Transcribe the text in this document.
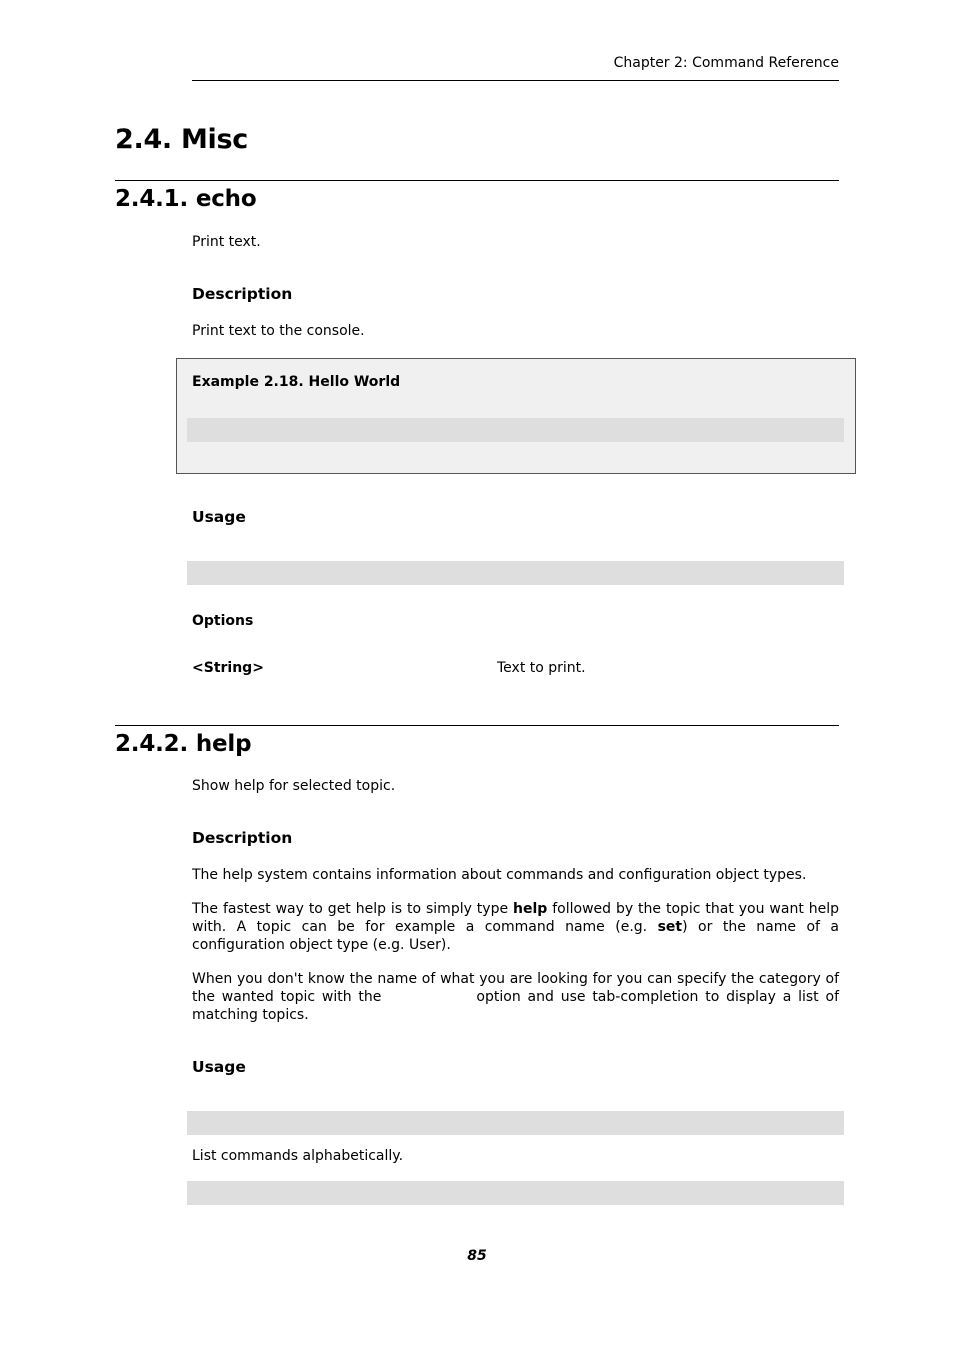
Chapter 2: Command Reference
2.4. Misc
2.4.1. echo
Print text.
Description
Print text to the console.
Example 2.18. Hello World
Usage
Options
<String>	Text to print.
2.4.2. help
Show help for selected topic.
Description
The help system contains information about commands and configuration object types.
The fastest way to get help is to simply type help followed by the topic that you want help with. A topic can be for example a command name (e.g. set) or the name of a configuration object type (e.g. User).
When you don't know the name of what you are looking for you can specify the category of the wanted topic with the	option and use tab-completion to display a list of matching topics.
Usage
List commands alphabetically.
85
